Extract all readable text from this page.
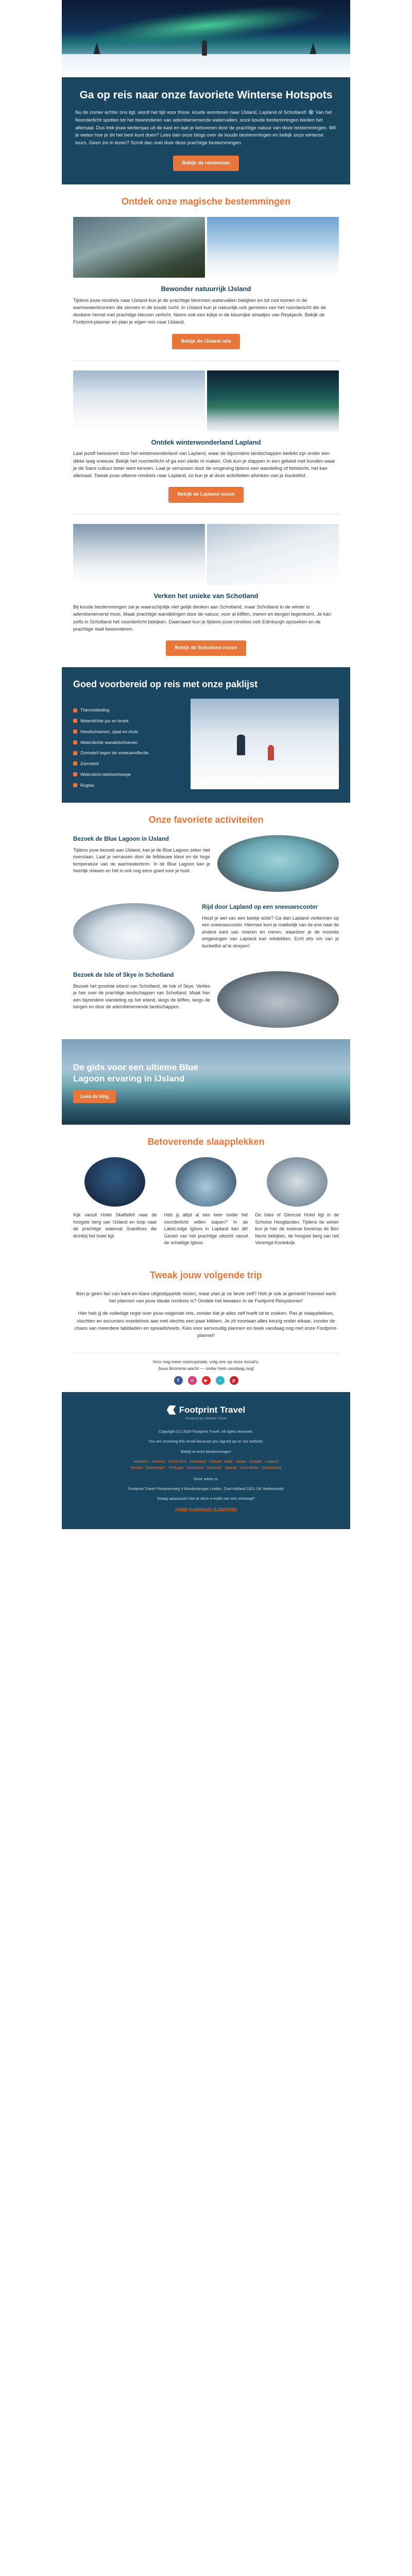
Ga op reis naar onze favoriete Winterse Hotspots

Nu de zomer achter ons ligt, wordt het tijd voor frisse, koude avonturen naar IJsland, Lapland of Schotland! ❄️ Van het Noorderlicht spotten tot het bewonderen van adembenemende watervallen, onze koude bestemmingen bieden het allemaal. Dus trek jouw wintersjas uit de kast en laat je betoveren door de prachtige natuur van deze bestemmingen. Wil je weten hoe je dit het best kunt doen? Lees dan onze blogs over de koude bestemmingen en bekijk onze winterse tours. Geen zin in lezen? Scroll dan snel door deze prachtige bestemmingen.

Bekijk de rondreizen
Ontdek onze magische bestemmingen
Bewonder natuurrijk IJsland

Tijdens jouw rondreis naar IJsland kun je de prachtige bevroren watervallen bekijken en tot rust komen in de warmwaterbronnen die stomen in de koude lucht. In IJsland kun je natuurlijk ook genieten van het noorderlicht die de donkere hemel met prachtige kleuren verlicht. Neem ook een kijkje in de kleurrijke straatjes van Reykjavík. Bekijk de Footprint-planner en plan je eigen reis naar IJsland.

Bekijk de IJsland reis
Ontdek winterwonderland Lapland

Laat jezelf betoveren door het winterwonderland van Lapland, waar de bijzondere landschappen bedekt zijn onder een dikke laag sneeuw. Bekijk het noorderlicht of ga een slede rit maken. Ook kun je stappen in een gebied met honden waar je de Sami cultuur beter leert kennen. Laat je verrassen door de omgeving tijdens een wandeling of fietstocht, het kan allemaal. Tweak jouw ultieme rondreis naar Lapland, zo kun je al deze activiteiten afvinken van je bucketlist.

Bekijk de Lapland reizen
Verken het unieke van Schotland

Bij koude bestemmingen zal je waarschijnlijk niet gelijk denken aan Schotland, maar Schotland in de winter is adembenemend mooi. Maak prachtige wandelingen door de natuur, voor al kliffen, meren en bergen tegenkomt. Je kan zelfs in Schotland het noorderlicht bekijken. Daarnaast kun je tijdens jouw rondreis ook Edinburgh opzoeken en de prachtige stad bewonderen.

Bekijk de Schotland reizen
Goed voorbereid op reis met onze paklijst
Thermokleding
Waterdichte jas en broek
Handschoenen, sjaal en muts
Waterdichte wandelschoenen
Zonnebril tegen de sneeuwreflectie
Zonnebril
Waterdicht telefoonhoesje
Rugtas
Onze favoriete activiteiten
Bezoek de Blue Lagoon in IJsland

Tijdens jouw bezoek aan IJsland, kan je de Blue Lagoon zeker niet overslaan. Laat je verrassen door de felblauwe kleur en de hoge temperatuur van de warmwaterbron. In de Blue Lagoon kan je heerlijk relaxen en het is ook nog eens goed voor je huid.

Rijd door Lapland op een sneeuwscooter

Houd je wel van een beetje actie? Ga dan Lapland verkennen op een sneeuwscooter. Hiermee kom je makkelijk van de ene naar de andere kant van rivieren en meren, waardoor je de mooiste omgevingen van Lapland kan ontdekken. Echt iets om van je bucketlist af te strepen!

Bezoek de Isle of Skye in Schotland

Bezoek het grootste eiland van Schotland, de Isle of Skye. Verlies je hier over de prachtige landschappen van Schotland. Maak hier een bijzondere wandeling op het eiland, langs de kliffen, langs de bergen en door de adembenemende landschappen.

De gids voor een ultieme Blue Lagoon ervaring in IJsland
Lees de blog
Betoverende slaapplekken

Kijk vanuit Hotel Skaftafell naar de hoogste berg van IJsland en loop naar de prachtige waterval Svartifoss die dichtbij het hotel ligt.

Heb jij altijd al een keer onder het noorderlicht willen slapen? In de LakeLodge Igloos in Lapland kan dit! Geniet van het prachtige uitzicht vanuit de schattige Igloos.

De Isles of Glencoe Hotel ligt in de Schotse Hooglanden. Tijdens de winter kun je hier de sneeuw bovenop de Ben Nevis bekijken, de hoogste berg van het Verenigd Koninkrijk.

Tweak jouw volgende trip

Ben je geen fan van kant-en-klare uitgestippelde reizen, maar plan je ze liever zelf? Heb je ook al gemerkt hoeveel werk het plannen van jouw ideale rondreis is? Ontdek het tweaken in de Footprint Reisplanner!

Hier heb jij de volledige regie over jouw volgende reis, zonder dat je alles zelf hoeft uit te zoeken. Pas je slaapplekken, vluchten en excursies moeiteloos aan met slechts een paar klikken. Je zit voortaan alles keurig onder elkaar, zonder de chaos van meerdere tabbladen en spreadsheets. Kies voor eenvoudig plannen en boek vandaag nog met onze Footprint-planner!

Voor nog meer reisinspiratie, volg ons op onze social's.

Jouw ibromma wacht — onder hem vandaag nog!

f	◎	▶	♪	p
Footprint Travel

Powered by Ultimate Travel

Copyright (C) 2024 Footprint Travel. All rights reserved.

You are receiving this email because you signed up on our website.

Bekijk al onze bestemmingen

Artikelen Arizona Costa Rica Duitsland IJsland Italië Japan Kroatië Lapland
Mexico Noorwegen Portugal Schotland Slovenië Spanje Zuid-Afrika Zwitserland

Onze adres is:

Footprint Travel Pompoenweg 9 Roodenburger Leiden, Zuid-Holland 2321 DK Netherlands

Graag aanpassen hoe je deze e-mails van ons ontvangt?

Update je voorkeuren of uitschrijven
